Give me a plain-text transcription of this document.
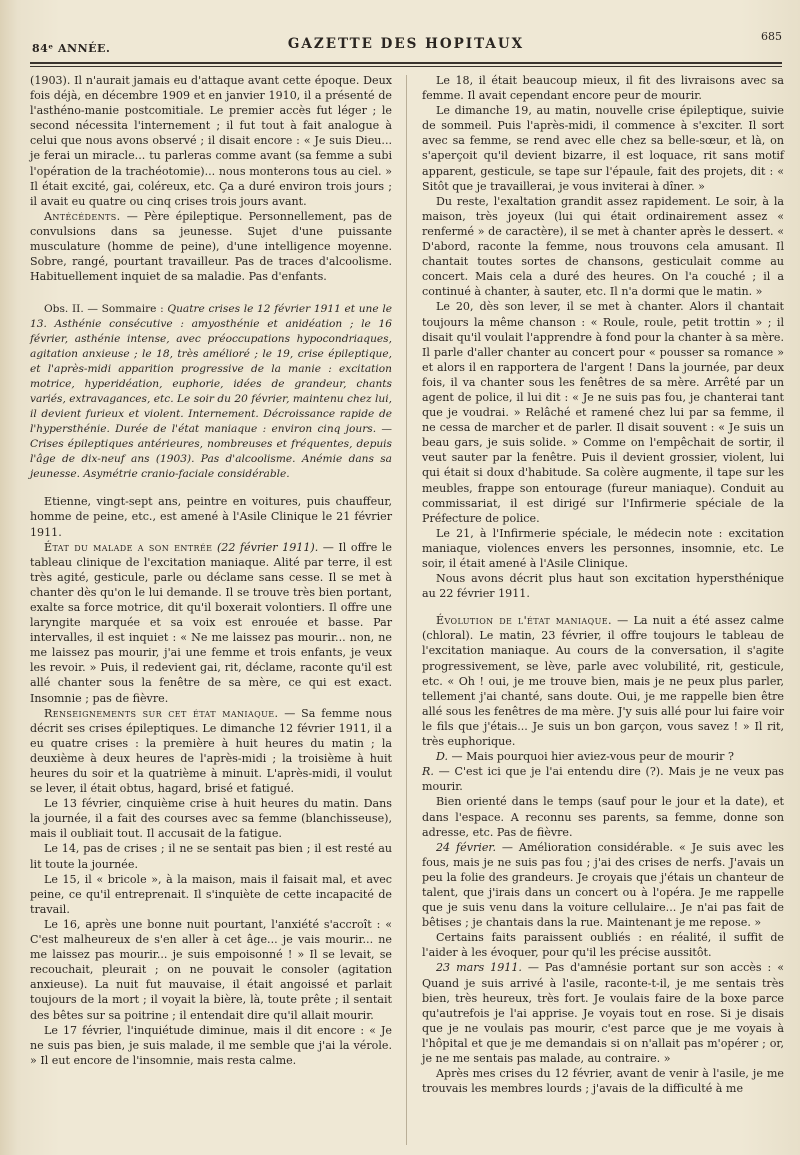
84ᵉ ANNÉE.	GAZETTE DES HOPITAUX	685

(1903). Il n'aurait jamais eu d'attaque avant cette époque. Deux fois déjà, en décembre 1909 et en janvier 1910, il a présenté de l'asthéno-manie postcomitiale. Le premier accès fut léger ; le second nécessita l'internement ; il fut tout à fait analogue à celui que nous avons observé ; il disait encore : « Je suis Dieu... je ferai un miracle... tu parleras comme avant (sa femme a subi l'opération de la trachéotomie)... nous monterons tous au ciel. » Il était excité, gai, coléreux, etc. Ça a duré environ trois jours ; il avait eu quatre ou cinq crises trois jours avant.

Antécédents. — Père épileptique. Personnellement, pas de convulsions dans sa jeunesse. Sujet d'une puissante musculature (homme de peine), d'une intelligence moyenne. Sobre, rangé, pourtant travailleur. Pas de traces d'alcoolisme. Habituellement inquiet de sa maladie. Pas d'enfants.

Obs. II. — Sommaire : Quatre crises le 12 février 1911 et une le 13. Asthénie consécutive : amyosthénie et anidéation ; le 16 février, asthénie intense, avec préoccupations hypocondriaques, agitation anxieuse ; le 18, très amélioré ; le 19, crise épileptique, et l'après-midi apparition progressive de la manie : excitation motrice, hyperidéation, euphorie, idées de grandeur, chants variés, extravagances, etc. Le soir du 20 février, maintenu chez lui, il devient furieux et violent. Internement. Décroissance rapide de l'hypersthénie. Durée de l'état maniaque : environ cinq jours. — Crises épileptiques antérieures, nombreuses et fréquentes, depuis l'âge de dix-neuf ans (1903). Pas d'alcoolisme. Anémie dans sa jeunesse. Asymétrie cranio-faciale considérable.

Etienne, vingt-sept ans, peintre en voitures, puis chauffeur, homme de peine, etc., est amené à l'Asile Clinique le 21 février 1911.

État du malade a son entrée (22 février 1911). — Il offre le tableau clinique de l'excitation maniaque. Alité par terre, il est très agité, gesticule, parle ou déclame sans cesse. Il se met à chanter dès qu'on le lui demande. Il se trouve très bien portant, exalte sa force motrice, dit qu'il boxerait volontiers. Il offre une laryngite marquée et sa voix est enrouée et basse. Par intervalles, il est inquiet : « Ne me laissez pas mourir... non, ne me laissez pas mourir, j'ai une femme et trois enfants, je veux les revoir. » Puis, il redevient gai, rit, déclame, raconte qu'il est allé chanter sous la fenêtre de sa mère, ce qui est exact. Insomnie ; pas de fièvre.

Renseignements sur cet état maniaque. — Sa femme nous décrit ses crises épileptiques. Le dimanche 12 février 1911, il a eu quatre crises : la première à huit heures du matin ; la deuxième à deux heures de l'après-midi ; la troisième à huit heures du soir et la quatrième à minuit. L'après-midi, il voulut se lever, il était obtus, hagard, brisé et fatigué.

Le 13 février, cinquième crise à huit heures du matin. Dans la journée, il a fait des courses avec sa femme (blanchisseuse), mais il oubliait tout. Il accusait de la fatigue.

Le 14, pas de crises ; il ne se sentait pas bien ; il est resté au lit toute la journée.

Le 15, il « bricole », à la maison, mais il faisait mal, et avec peine, ce qu'il entreprenait. Il s'inquiète de cette incapacité de travail.

Le 16, après une bonne nuit pourtant, l'anxiété s'accroît : « C'est malheureux de s'en aller à cet âge... je vais mourir... ne me laissez pas mourir... je suis empoisonné ! » Il se levait, se recouchait, pleurait ; on ne pouvait le consoler (agitation anxieuse). La nuit fut mauvaise, il était angoissé et parlait toujours de la mort ; il voyait la bière, là, toute prête ; il sentait des bêtes sur sa poitrine ; il entendait dire qu'il allait mourir.

Le 17 février, l'inquiétude diminue, mais il dit encore : « Je ne suis pas bien, je suis malade, il me semble que j'ai la vérole. » Il eut encore de l'insomnie, mais resta calme.

Le 18, il était beaucoup mieux, il fit des livraisons avec sa femme. Il avait cependant encore peur de mourir.

Le dimanche 19, au matin, nouvelle crise épileptique, suivie de sommeil. Puis l'après-midi, il commence à s'exciter. Il sort avec sa femme, se rend avec elle chez sa belle-sœur, et là, on s'aperçoit qu'il devient bizarre, il est loquace, rit sans motif apparent, gesticule, se tape sur l'épaule, fait des projets, dit : « Sitôt que je travaillerai, je vous inviterai à dîner. »

Du reste, l'exaltation grandit assez rapidement. Le soir, à la maison, très joyeux (lui qui était ordinairement assez « renfermé » de caractère), il se met à chanter après le dessert. « D'abord, raconte la femme, nous trouvons cela amusant. Il chantait toutes sortes de chansons, gesticulait comme au concert. Mais cela a duré des heures. On l'a couché ; il a continué à chanter, à sauter, etc. Il n'a dormi que le matin. »

Le 20, dès son lever, il se met à chanter. Alors il chantait toujours la même chanson : « Roule, roule, petit trottin » ; il disait qu'il voulait l'apprendre à fond pour la chanter à sa mère. Il parle d'aller chanter au concert pour « pousser sa romance » et alors il en rapportera de l'argent ! Dans la journée, par deux fois, il va chanter sous les fenêtres de sa mère. Arrêté par un agent de police, il lui dit : « Je ne suis pas fou, je chanterai tant que je voudrai. » Relâché et ramené chez lui par sa femme, il ne cessa de marcher et de parler. Il disait souvent : « Je suis un beau gars, je suis solide. » Comme on l'empêchait de sortir, il veut sauter par la fenêtre. Puis il devient grossier, violent, lui qui était si doux d'habitude. Sa colère augmente, il tape sur les meubles, frappe son entourage (fureur maniaque). Conduit au commissariat, il est dirigé sur l'Infirmerie spéciale de la Préfecture de police.

Le 21, à l'Infirmerie spéciale, le médecin note : excitation maniaque, violences envers les personnes, insomnie, etc. Le soir, il était amené à l'Asile Clinique.

Nous avons décrit plus haut son excitation hypersthénique au 22 février 1911.

Évolution de l'état maniaque. — La nuit a été assez calme (chloral). Le matin, 23 février, il offre toujours le tableau de l'excitation maniaque. Au cours de la conversation, il s'agite progressivement, se lève, parle avec volubilité, rit, gesticule, etc. « Oh ! oui, je me trouve bien, mais je ne peux plus parler, tellement j'ai chanté, sans doute. Oui, je me rappelle bien être allé sous les fenêtres de ma mère. J'y suis allé pour lui faire voir le fils que j'étais... Je suis un bon garçon, vous savez ! » Il rit, très euphorique.

D. — Mais pourquoi hier aviez-vous peur de mourir ?

R. — C'est ici que je l'ai entendu dire (?). Mais je ne veux pas mourir.

Bien orienté dans le temps (sauf pour le jour et la date), et dans l'espace. A reconnu ses parents, sa femme, donne son adresse, etc. Pas de fièvre.

24 février. — Amélioration considérable. « Je suis avec les fous, mais je ne suis pas fou ; j'ai des crises de nerfs. J'avais un peu la folie des grandeurs. Je croyais que j'étais un chanteur de talent, que j'irais dans un concert ou à l'opéra. Je me rappelle que je suis venu dans la voiture cellulaire... Je n'ai pas fait de bêtises ; je chantais dans la rue. Maintenant je me repose. »

Certains faits paraissent oubliés : en réalité, il suffit de l'aider à les évoquer, pour qu'il les précise aussitôt.

23 mars 1911. — Pas d'amnésie portant sur son accès : « Quand je suis arrivé à l'asile, raconte-t-il, je me sentais très bien, très heureux, très fort. Je voulais faire de la boxe parce qu'autrefois je l'ai apprise. Je voyais tout en rose. Si je disais que je ne voulais pas mourir, c'est parce que je me voyais à l'hôpital et que je me demandais si on n'allait pas m'opérer ; or, je ne me sentais pas malade, au contraire. »

Après mes crises du 12 février, avant de venir à l'asile, je me trouvais les membres lourds ; j'avais de la difficulté à me
